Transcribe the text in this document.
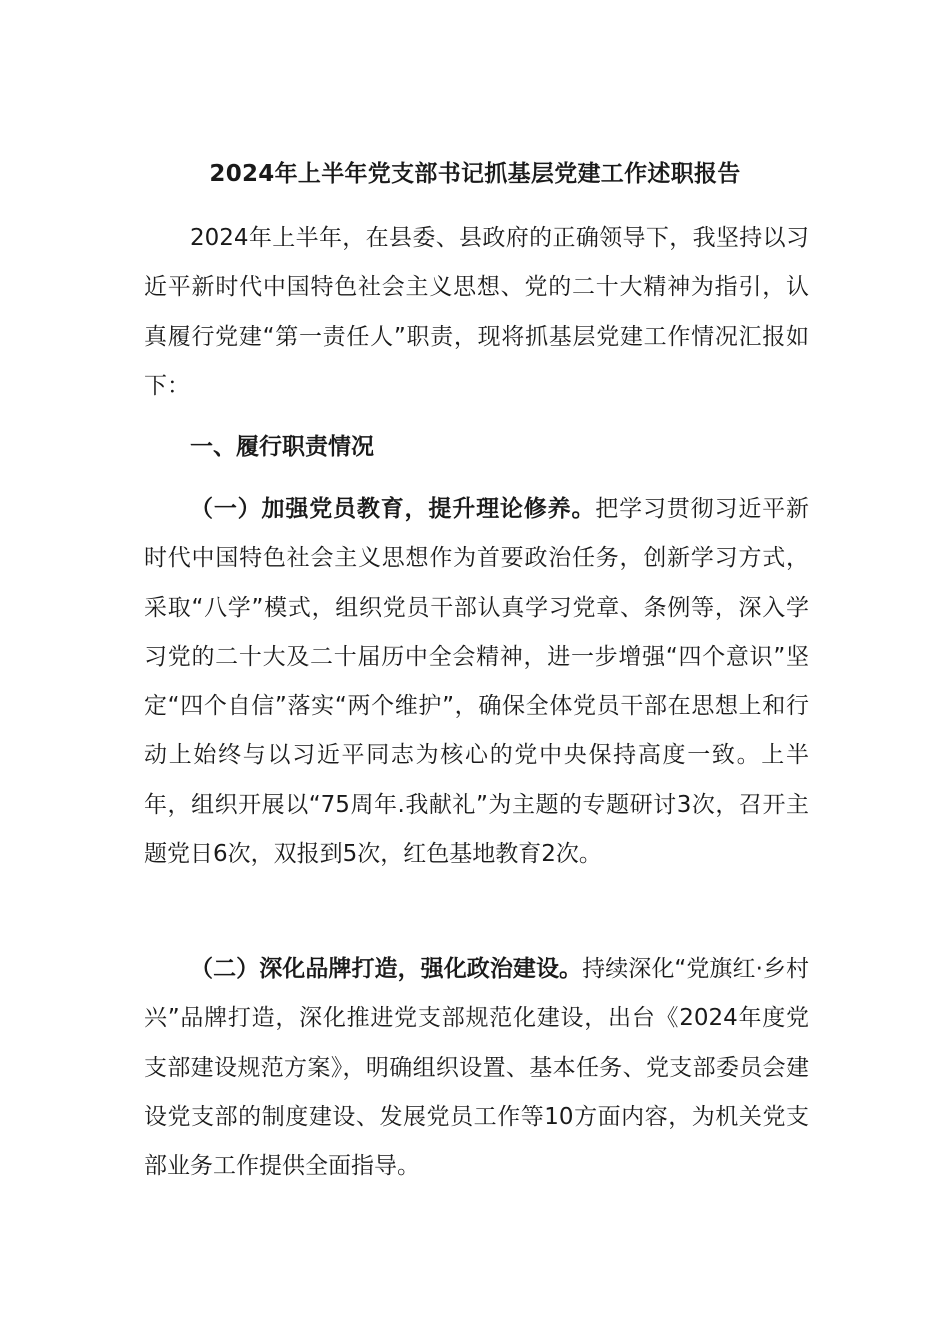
2024年上半年党支部书记抓基层党建工作述职报告
2024年上半年，在县委、县政府的正确领导下，我坚持以习近平新时代中国特色社会主义思想、党的二十大精神为指引，认真履行党建“第一责任人”职责，现将抓基层党建工作情况汇报如下：
一、履行职责情况
（一）加强党员教育，提升理论修养。把学习贯彻习近平新时代中国特色社会主义思想作为首要政治任务，创新学习方式，采取“八学”模式，组织党员干部认真学习党章、条例等，深入学习党的二十大及二十届历中全会精神，进一步增强“四个意识”坚定“四个自信”落实“两个维护”，确保全体党员干部在思想上和行动上始终与以习近平同志为核心的党中央保持高度一致。上半年，组织开展以“75周年.我献礼”为主题的专题研讨3次，召开主题党日6次，双报到5次，红色基地教育2次。
（二）深化品牌打造，强化政治建设。持续深化“党旗红·乡村兴”品牌打造，深化推进党支部规范化建设，出台《2024年度党支部建设规范方案》，明确组织设置、基本任务、党支部委员会建设党支部的制度建设、发展党员工作等10方面内容，为机关党支部业务工作提供全面指导。
